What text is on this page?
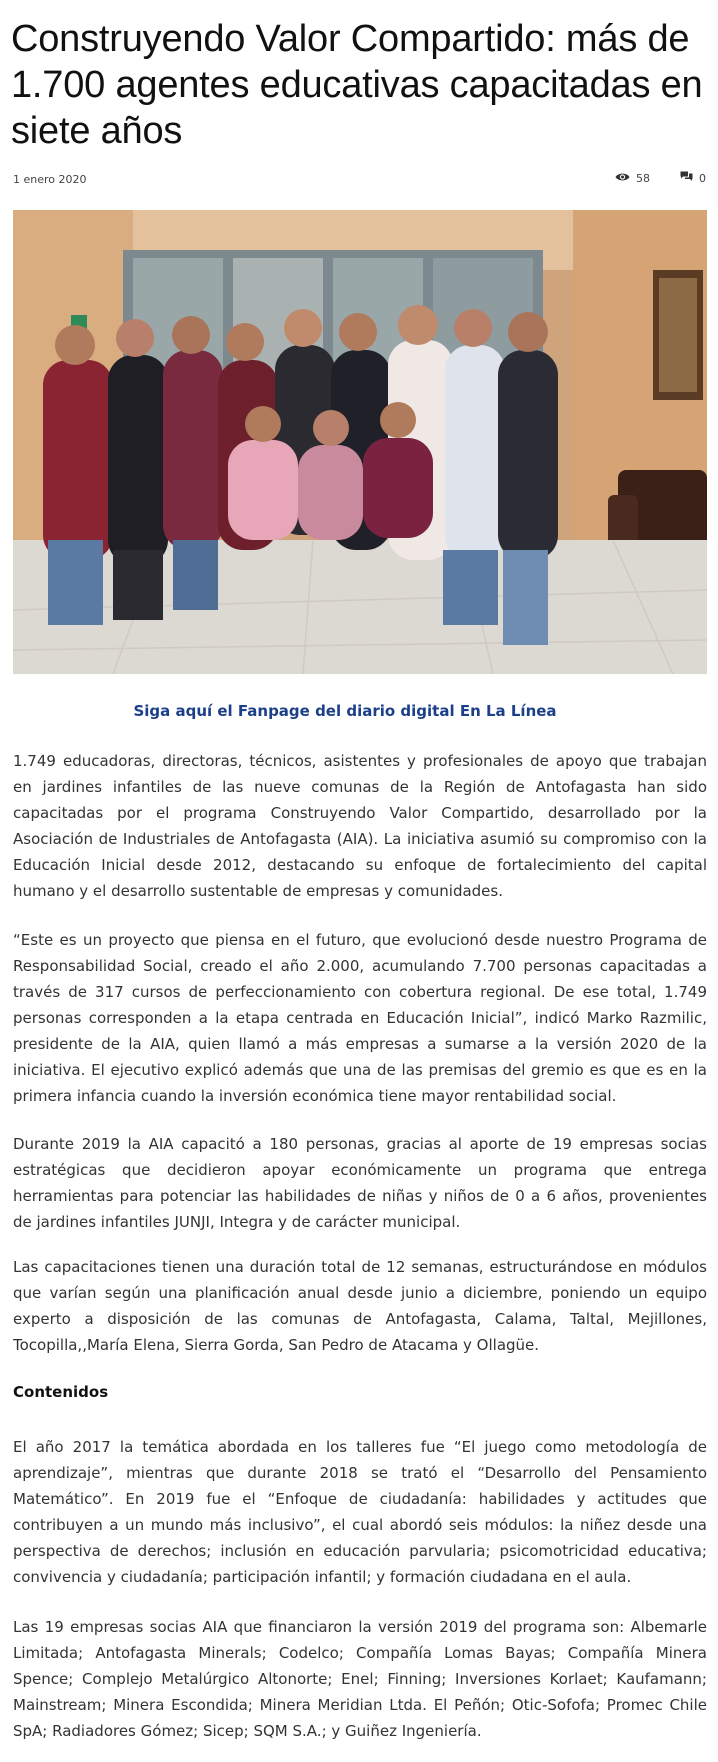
Construyendo Valor Compartido: más de 1.700 agentes educativas capacitadas en siete años
1 enero 2020	58	0
Siga aquí el Fanpage del diario digital En La Línea

1.749 educadoras, directoras, técnicos, asistentes y profesionales de apoyo que trabajan en jardines infantiles de las nueve comunas de la Región de Antofagasta han sido capacitadas por el programa Construyendo Valor Compartido, desarrollado por la Asociación de Industriales de Antofagasta (AIA). La iniciativa asumió su compromiso con la Educación Inicial desde 2012, destacando su enfoque de fortalecimiento del capital humano y el desarrollo sustentable de empresas y comunidades.

“Este es un proyecto que piensa en el futuro, que evolucionó desde nuestro Programa de Responsabilidad Social, creado el año 2.000, acumulando 7.700 personas capacitadas a través de 317 cursos de perfeccionamiento con cobertura regional. De ese total, 1.749 personas corresponden a la etapa centrada en Educación Inicial”, indicó Marko Razmilic, presidente de la AIA, quien llamó a más empresas a sumarse a la versión 2020 de la iniciativa. El ejecutivo explicó además que una de las premisas del gremio es que es en la primera infancia cuando la inversión económica tiene mayor rentabilidad social.

Durante 2019 la AIA capacitó a 180 personas, gracias al aporte de 19 empresas socias estratégicas que decidieron apoyar económicamente un programa que entrega herramientas para potenciar las habilidades de niñas y niños de 0 a 6 años, provenientes de jardines infantiles JUNJI, Integra y de carácter municipal.

Las capacitaciones tienen una duración total de 12 semanas, estructurándose en módulos que varían según una planificación anual desde junio a diciembre, poniendo un equipo experto a disposición de las comunas de Antofagasta, Calama, Taltal, Mejillones, Tocopilla,,María Elena, Sierra Gorda, San Pedro de Atacama y Ollagüe.

Contenidos

El año 2017 la temática abordada en los talleres fue “El juego como metodología de aprendizaje”, mientras que durante 2018 se trató el “Desarrollo del Pensamiento Matemático”. En 2019 fue el “Enfoque de ciudadanía: habilidades y actitudes que contribuyen a un mundo más inclusivo”, el cual abordó seis módulos: la niñez desde una perspectiva de derechos; inclusión en educación parvularia; psicomotricidad educativa; convivencia y ciudadanía; participación infantil; y formación ciudadana en el aula.

Las 19 empresas socias AIA que financiaron la versión 2019 del programa son: Albemarle Limitada; Antofagasta Minerals; Codelco; Compañía Lomas Bayas; Compañía Minera Spence; Complejo Metalúrgico Altonorte; Enel; Finning; Inversiones Korlaet; Kaufamann; Mainstream; Minera Escondida; Minera Meridian Ltda. El Peñón; Otic-Sofofa; Promec Chile SpA; Radiadores Gómez; Sicep; SQM S.A.; y Guiñez Ingeniería.
